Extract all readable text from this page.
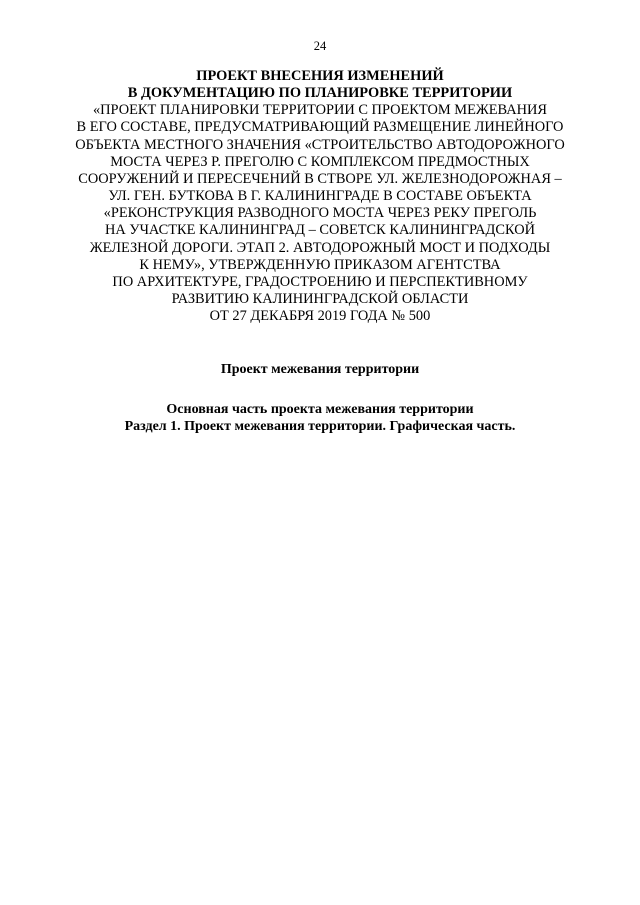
24
ПРОЕКТ ВНЕСЕНИЯ ИЗМЕНЕНИЙ
В ДОКУМЕНТАЦИЮ ПО ПЛАНИРОВКЕ ТЕРРИТОРИИ
«ПРОЕКТ ПЛАНИРОВКИ ТЕРРИТОРИИ С ПРОЕКТОМ МЕЖЕВАНИЯ
В ЕГО СОСТАВЕ, ПРЕДУСМАТРИВАЮЩИЙ РАЗМЕЩЕНИЕ ЛИНЕЙНОГО
ОБЪЕКТА МЕСТНОГО ЗНАЧЕНИЯ «СТРОИТЕЛЬСТВО АВТОДОРОЖНОГО
МОСТА ЧЕРЕЗ Р. ПРЕГОЛЮ С КОМПЛЕКСОМ ПРЕДМОСТНЫХ
СООРУЖЕНИЙ И ПЕРЕСЕЧЕНИЙ В СТВОРЕ УЛ. ЖЕЛЕЗНОДОРОЖНАЯ –
УЛ. ГЕН. БУТКОВА В Г. КАЛИНИНГРАДЕ В СОСТАВЕ ОБЪЕКТА
«РЕКОНСТРУКЦИЯ РАЗВОДНОГО МОСТА ЧЕРЕЗ РЕКУ ПРЕГОЛЬ
НА УЧАСТКЕ КАЛИНИНГРАД – СОВЕТСК КАЛИНИНГРАДСКОЙ
ЖЕЛЕЗНОЙ ДОРОГИ. ЭТАП 2. АВТОДОРОЖНЫЙ МОСТ И ПОДХОДЫ
К НЕМУ», УТВЕРЖДЕННУЮ ПРИКАЗОМ АГЕНТСТВА
ПО АРХИТЕКТУРЕ, ГРАДОСТРОЕНИЮ И ПЕРСПЕКТИВНОМУ
РАЗВИТИЮ КАЛИНИНГРАДСКОЙ ОБЛАСТИ
ОТ 27 ДЕКАБРЯ 2019 ГОДА № 500
Проект межевания территории
Основная часть проекта межевания территории
Раздел 1. Проект межевания территории. Графическая часть.
